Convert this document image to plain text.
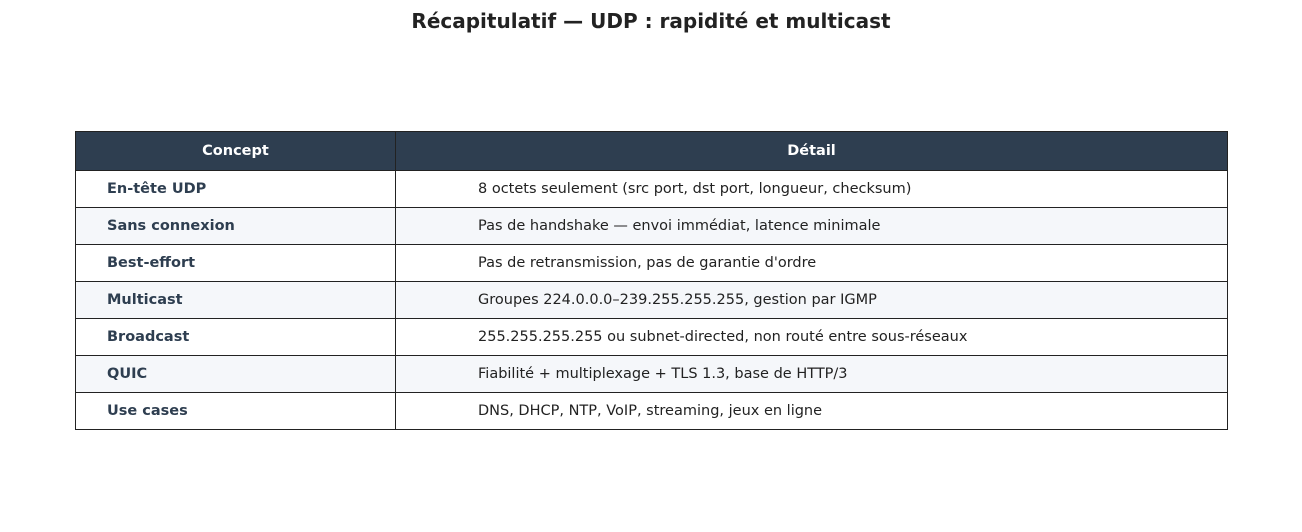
Récapitulatif — UDP : rapidité et multicast
Concept	Détail
En-tête UDP	8 octets seulement (src port, dst port, longueur, checksum)
Sans connexion	Pas de handshake — envoi immédiat, latence minimale
Best-effort	Pas de retransmission, pas de garantie d'ordre
Multicast	Groupes 224.0.0.0–239.255.255.255, gestion par IGMP
Broadcast	255.255.255.255 ou subnet-directed, non routé entre sous-réseaux
QUIC	Fiabilité + multiplexage + TLS 1.3, base de HTTP/3
Use cases	DNS, DHCP, NTP, VoIP, streaming, jeux en ligne
